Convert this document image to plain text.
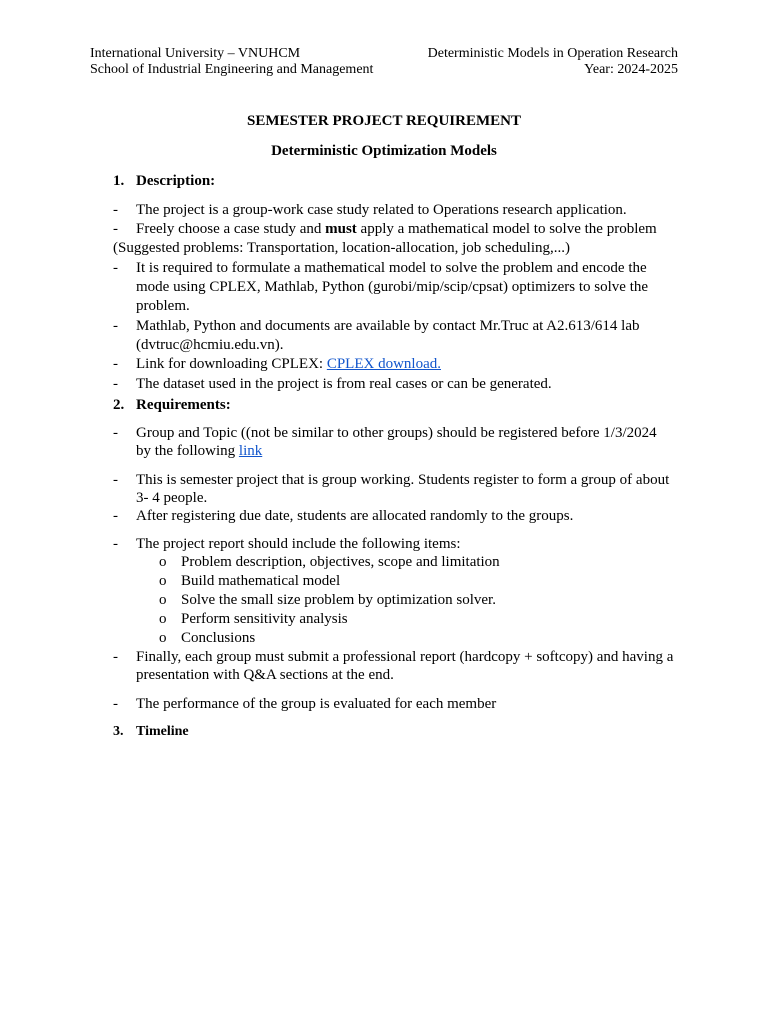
International University – VNUHCM
School of Industrial Engineering and Management
Deterministic Models in Operation Research
Year: 2024-2025
SEMESTER PROJECT REQUIREMENT
Deterministic Optimization Models
1. Description:
- The project is a group-work case study related to Operations research application.
- Freely choose a case study and must apply a mathematical model to solve the problem
(Suggested problems: Transportation, location-allocation, job scheduling,...)
- It is required to formulate a mathematical model to solve the problem and encode the
mode using CPLEX, Mathlab, Python (gurobi/mip/scip/cpsat) optimizers to solve the
problem.
- Mathlab, Python and documents are available by contact Mr.Truc at A2.613/614 lab
(dvtruc@hcmiu.edu.vn).
- Link for downloading CPLEX: CPLEX download.
- The dataset used in the project is from real cases or can be generated.
2. Requirements:
- Group and Topic ((not be similar to other groups) should be registered before 1/3/2024
by the following link
- This is semester project that is group working. Students register to form a group of about
3- 4 people.
- After registering due date, students are allocated randomly to the groups.
- The project report should include the following items:
o Problem description, objectives, scope and limitation
o Build mathematical model
o Solve the small size problem by optimization solver.
o Perform sensitivity analysis
o Conclusions
- Finally, each group must submit a professional report (hardcopy + softcopy) and having a
presentation with Q&A sections at the end.
- The performance of the group is evaluated for each member
3. Timeline
